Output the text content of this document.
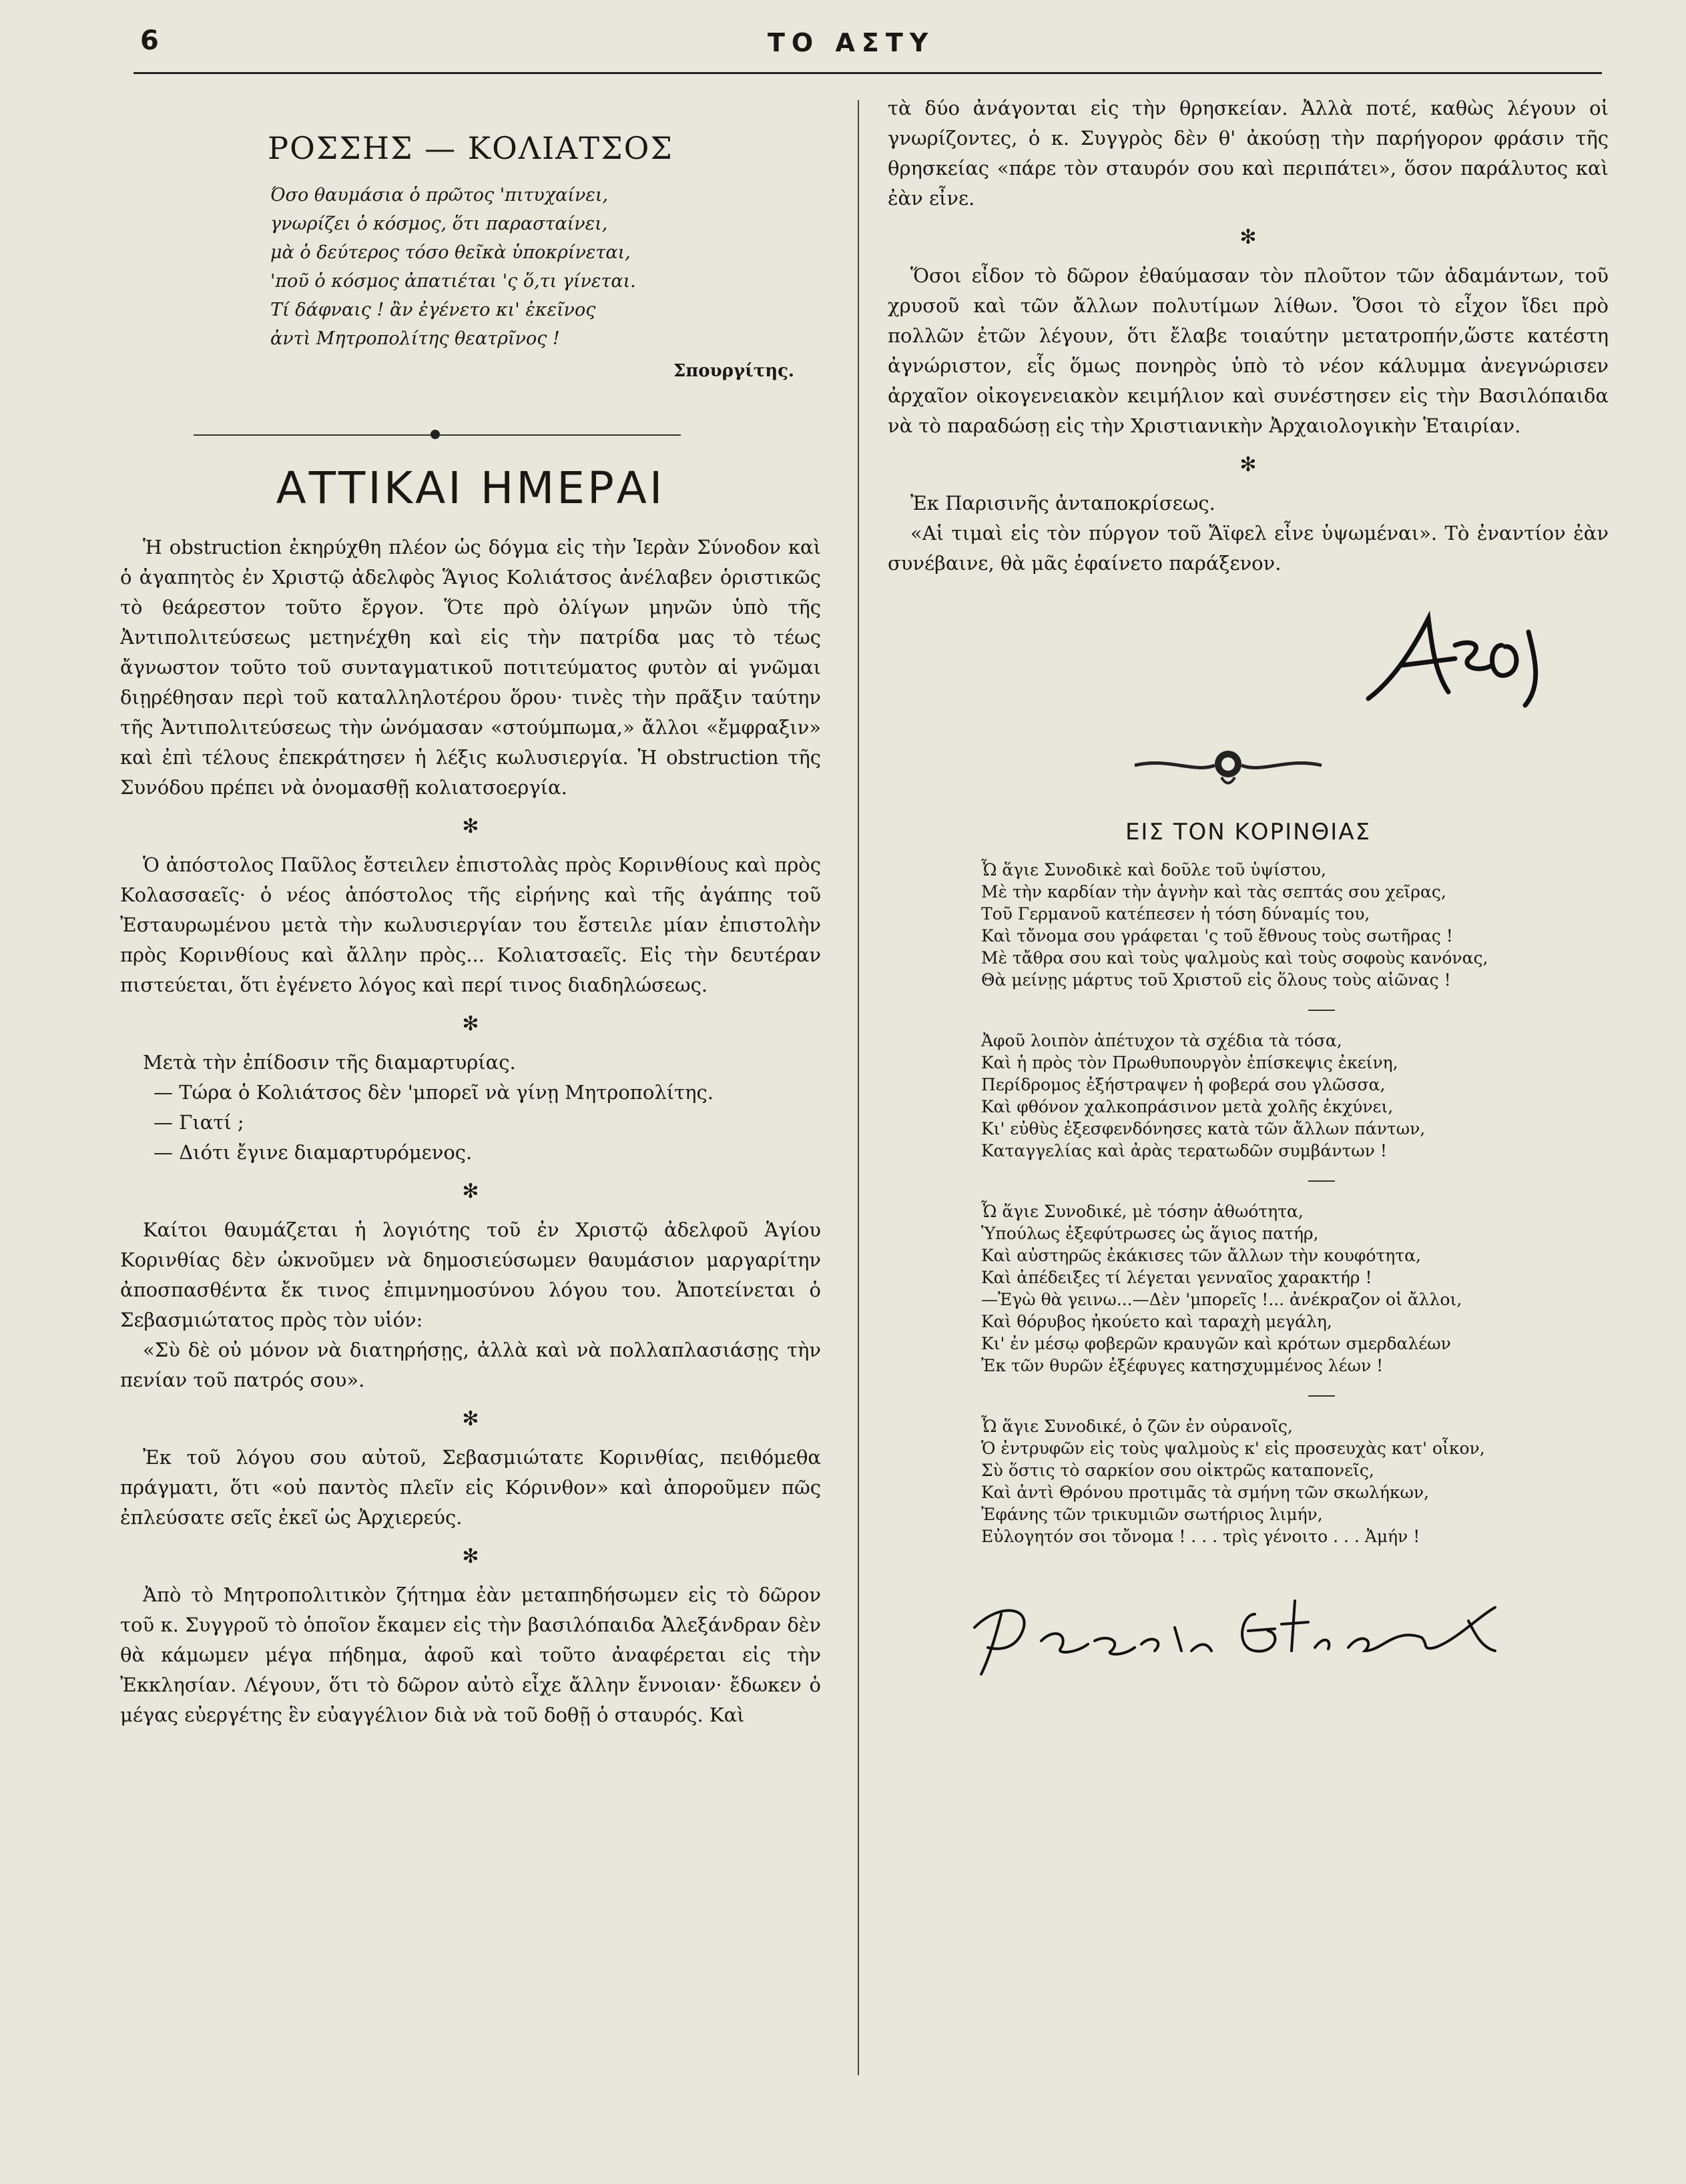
6	ΤΟ ΑΣΤΥ
ΡΟΣΣΗΣ — ΚΟΛΙΑΤΣΟΣ
Όσο θαυμάσια ὁ πρῶτος 'πιτυχαίνει,
γνωρίζει ὁ κόσμος, ὅτι παρασταίνει,
μὰ ὁ δεύτερος τόσο θεῖκὰ ὑποκρίνεται,
'ποῦ ὁ κόσμος ἀπατιέται 'ς ὅ,τι γίνεται.
Τί δάφναις ! ἂν ἐγένετο κι' ἐκεῖνος
ἀντὶ Μητροπολίτης θεατρῖνος !
Σπουργίτης.
ΑΤΤΙΚΑΙ ΗΜΕΡΑΙ

Ἡ obstruction ἐκηρύχθη πλέον ὡς δόγμα εἰς τὴν Ἱερὰν Σύνοδον καὶ ὁ ἀγαπητὸς ἐν Χριστῷ ἀδελφὸς Ἅγιος Κολιάτσος ἀνέλαβεν ὁριστικῶς τὸ θεάρεστον τοῦτο ἔργον. Ὅτε πρὸ ὀλίγων μηνῶν ὑπὸ τῆς Ἀντιπολιτεύσεως μετηνέχθη καὶ εἰς τὴν πατρίδα μας τὸ τέως ἄγνωστον τοῦτο τοῦ συνταγματικοῦ ποτιτεύματος φυτὸν αἱ γνῶμαι διῃρέθησαν περὶ τοῦ καταλληλοτέρου ὅρου· τινὲς τὴν πρᾶξιν ταύτην τῆς Ἀντιπολιτεύσεως τὴν ὠνόμασαν «στούμπωμα,» ἄλλοι «ἔμφραξιν» καὶ ἐπὶ τέλους ἐπεκράτησεν ἡ λέξις κωλυσιεργία. Ἡ obstruction τῆς Συνόδου πρέπει νὰ ὀνομασθῇ κολιατσοεργία.

✻

Ὁ ἀπόστολος Παῦλος ἔστειλεν ἐπιστολὰς πρὸς Κορινθίους καὶ πρὸς Κολασσαεῖς· ὁ νέος ἀπόστολος τῆς εἰρήνης καὶ τῆς ἀγάπης τοῦ Ἐσταυρωμένου μετὰ τὴν κωλυσιεργίαν του ἔστειλε μίαν ἐπιστολὴν πρὸς Κορινθίους καὶ ἄλλην πρὸς... Κολιατσαεῖς. Εἰς τὴν δευτέραν πιστεύεται, ὅτι ἐγένετο λόγος καὶ περί τινος διαδηλώσεως.

✻

Μετὰ τὴν ἐπίδοσιν τῆς διαμαρτυρίας.

— Τώρα ὁ Κολιάτσος δὲν 'μπορεῖ νὰ γίνῃ Μητροπολίτης.

— Γιατί ;

— Διότι ἔγινε διαμαρτυρόμενος.

✻

Καίτοι θαυμάζεται ἡ λογιότης τοῦ ἐν Χριστῷ ἀδελφοῦ Ἁγίου Κορινθίας δὲν ὠκνοῦμεν νὰ δημοσιεύσωμεν θαυμάσιον μαργαρίτην ἀποσπασθέντα ἔκ τινος ἐπιμνημοσύνου λόγου του. Ἀποτείνεται ὁ Σεβασμιώτατος πρὸς τὸν υἱόν:

«Σὺ δὲ οὐ μόνον νὰ διατηρήσῃς, ἀλλὰ καὶ νὰ πολλαπλασιάσῃς τὴν πενίαν τοῦ πατρός σου».

✻

Ἐκ τοῦ λόγου σου αὐτοῦ, Σεβασμιώτατε Κορινθίας, πειθόμεθα πράγματι, ὅτι «οὐ παντὸς πλεῖν εἰς Κόρινθον» καὶ ἀποροῦμεν πῶς ἐπλεύσατε σεῖς ἐκεῖ ὡς Ἀρχιερεύς.

✻

Ἀπὸ τὸ Μητροπολιτικὸν ζήτημα ἐὰν μεταπηδήσωμεν εἰς τὸ δῶρον τοῦ κ. Συγγροῦ τὸ ὁποῖον ἔκαμεν εἰς τὴν βασιλόπαιδα Ἀλεξάνδραν δὲν θὰ κάμωμεν μέγα πήδημα, ἀφοῦ καὶ τοῦτο ἀναφέρεται εἰς τὴν Ἐκκλησίαν. Λέγουν, ὅτι τὸ δῶρον αὐτὸ εἶχε ἄλλην ἔννοιαν· ἔδωκεν ὁ μέγας εὐεργέτης ἓν εὐαγγέλιον διὰ νὰ τοῦ δοθῇ ὁ σταυρός. Καὶ

τὰ δύο ἀνάγονται εἰς τὴν θρησκείαν. Ἀλλὰ ποτέ, καθὼς λέγουν οἱ γνωρίζοντες, ὁ κ. Συγγρὸς δὲν θ' ἀκούσῃ τὴν παρήγορον φράσιν τῆς θρησκείας «πάρε τὸν σταυρόν σου καὶ περιπάτει», ὅσον παράλυτος καὶ ἐὰν εἶνε.

✻

Ὅσοι εἶδον τὸ δῶρον ἐθαύμασαν τὸν πλοῦτον τῶν ἀδαμάντων, τοῦ χρυσοῦ καὶ τῶν ἄλλων πολυτίμων λίθων. Ὅσοι τὸ εἶχον ἴδει πρὸ πολλῶν ἐτῶν λέγουν, ὅτι ἔλαβε τοιαύτην μετατροπήν,ὥστε κατέστη ἀγνώριστον, εἷς ὅμως πονηρὸς ὑπὸ τὸ νέον κάλυμμα ἀνεγνώρισεν ἀρχαῖον οἰκογενειακὸν κειμήλιον καὶ συνέστησεν εἰς τὴν Βασιλόπαιδα νὰ τὸ παραδώσῃ εἰς τὴν Χριστιανικὴν Ἀρχαιολογικὴν Ἑταιρίαν.

✻

Ἐκ Παρισινῆς ἀνταποκρίσεως.

«Αἱ τιμαὶ εἰς τὸν πύργον τοῦ Ἄϊφελ εἶνε ὑψωμέναι». Τὸ ἐναντίον ἐὰν συνέβαινε, θὰ μᾶς ἐφαίνετο παράξενον.

ΕΙΣ ΤΟΝ ΚΟΡΙΝΘΙΑΣ
Ὦ ἅγιε Συνοδικὲ καὶ δοῦλε τοῦ ὑψίστου,
Μὲ τὴν καρδίαν τὴν ἁγνὴν καὶ τὰς σεπτάς σου χεῖρας,
Τοῦ Γερμανοῦ κατέπεσεν ἡ τόση δύναμίς του,
Καὶ τὄνομα σου γράφεται 'ς τοῦ ἔθνους τοὺς σωτῆρας !
Μὲ τἄθρα σου καὶ τοὺς ψαλμοὺς καὶ τοὺς σοφοὺς κανόνας,
Θὰ μείνῃς μάρτυς τοῦ Χριστοῦ εἰς ὅλους τοὺς αἰῶνας !
Ἀφοῦ λοιπὸν ἀπέτυχον τὰ σχέδια τὰ τόσα,
Καὶ ἡ πρὸς τὸν Πρωθυπουργὸν ἐπίσκεψις ἐκείνη,
Περίδρομος ἐξήστραψεν ἡ φοβερά σου γλῶσσα,
Καὶ φθόνον χαλκοπράσινον μετὰ χολῆς ἐκχύνει,
Κι' εὐθὺς ἐξεσφενδόνησες κατὰ τῶν ἄλλων πάντων,
Καταγγελίας καὶ ἀρὰς τερατωδῶν συμβάντων !
Ὦ ἅγιε Συνοδικέ, μὲ τόσην ἀθωότητα,
Ὑπούλως ἐξεφύτρωσες ὡς ἅγιος πατήρ,
Καὶ αὐστηρῶς ἐκάκισες τῶν ἄλλων τὴν κουφότητα,
Καὶ ἀπέδειξες τί λέγεται γενναῖος χαρακτήρ !
—Ἐγὼ θὰ γεινω...—Δὲν 'μπορεῖς !... ἀνέκραζον οἱ ἄλλοι,
Καὶ θόρυβος ἠκούετο καὶ ταραχὴ μεγάλη,
Κι' ἐν μέσῳ φοβερῶν κραυγῶν καὶ κρότων σμερδαλέων
Ἐκ τῶν θυρῶν ἐξέφυγες κατησχυμμένος λέων !
Ὦ ἅγιε Συνοδικέ, ὁ ζῶν ἐν οὐρανοῖς,
Ὁ ἐντρυφῶν εἰς τοὺς ψαλμοὺς κ' εἰς προσευχὰς κατ' οἶκον,
Σὺ ὅστις τὸ σαρκίον σου οἰκτρῶς καταπονεῖς,
Καὶ ἀντὶ Θρόνου προτιμᾶς τὰ σμήνη τῶν σκωλήκων,
Ἐφάνης τῶν τρικυμιῶν σωτήριος λιμήν,
Εὐλογητόν σοι τὄνομα ! . . . τρὶς γένοιτο . . . Ἀμήν !
